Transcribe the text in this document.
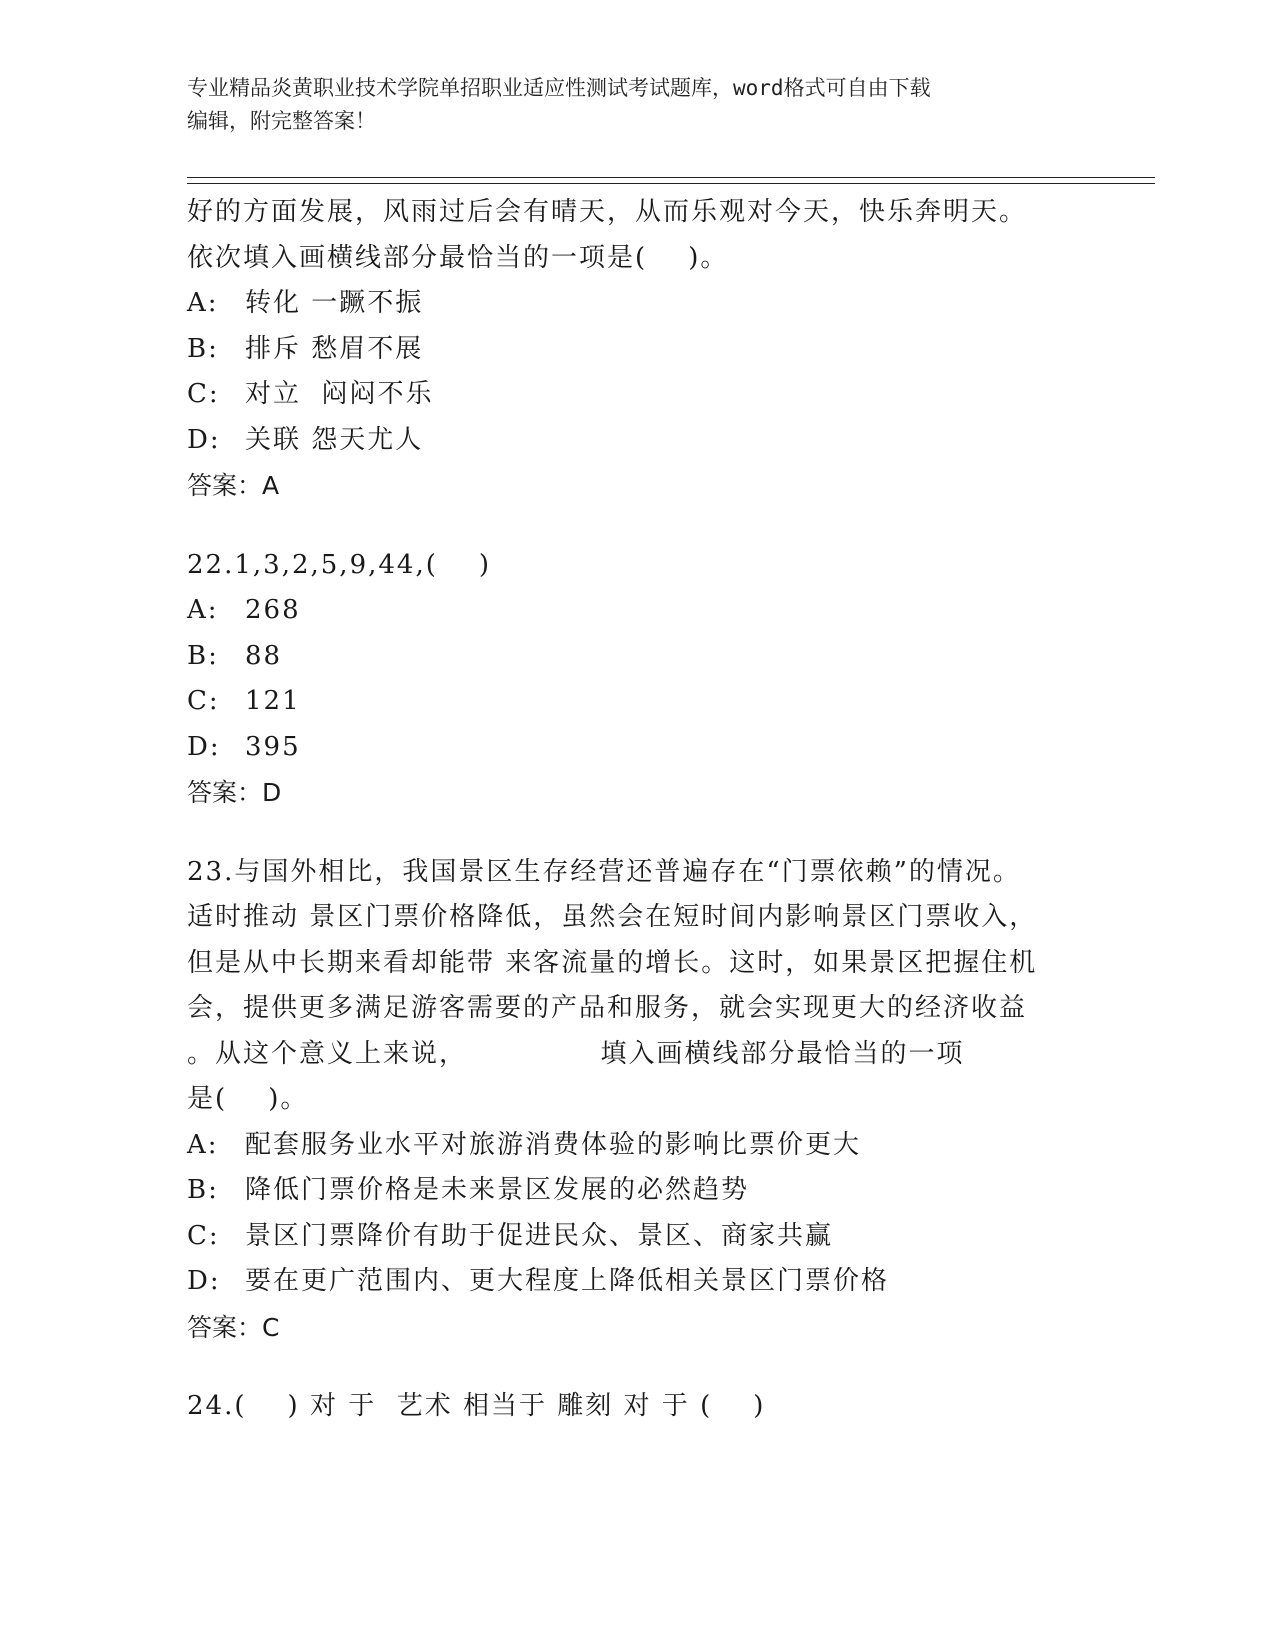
专业精品炎黄职业技术学院单招职业适应性测试考试题库，word格式可自由下载
编辑，附完整答案！
好的方面发展，风雨过后会有晴天，从而乐观对今天，快乐奔明天。
依次填入画横线部分最恰当的一项是(    )。
A: 转化 一蹶不振
B: 排斥 愁眉不展
C: 对立  闷闷不乐
D: 关联 怨天尤人
答案：A
22.1,3,2,5,9,44,(    )
A: 268
B: 88
C: 121
D: 395
答案：D
23.与国外相比，我国景区生存经营还普遍存在“门票依赖”的情况。
适时推动 景区门票价格降低，虽然会在短时间内影响景区门票收入，
但是从中长期来看却能带 来客流量的增长。这时，如果景区把握住机
会，提供更多满足游客需要的产品和服务，就会实现更大的经济收益
。从这个意义上来说，             填入画横线部分最恰当的一项
是(    )。
A: 配套服务业水平对旅游消费体验的影响比票价更大
B: 降低门票价格是未来景区发展的必然趋势
C: 景区门票降价有助于促进民众、景区、商家共赢
D: 要在更广范围内、更大程度上降低相关景区门票价格
答案：C
24.(    ) 对 于  艺术 相当于 雕刻 对 于 (    )
